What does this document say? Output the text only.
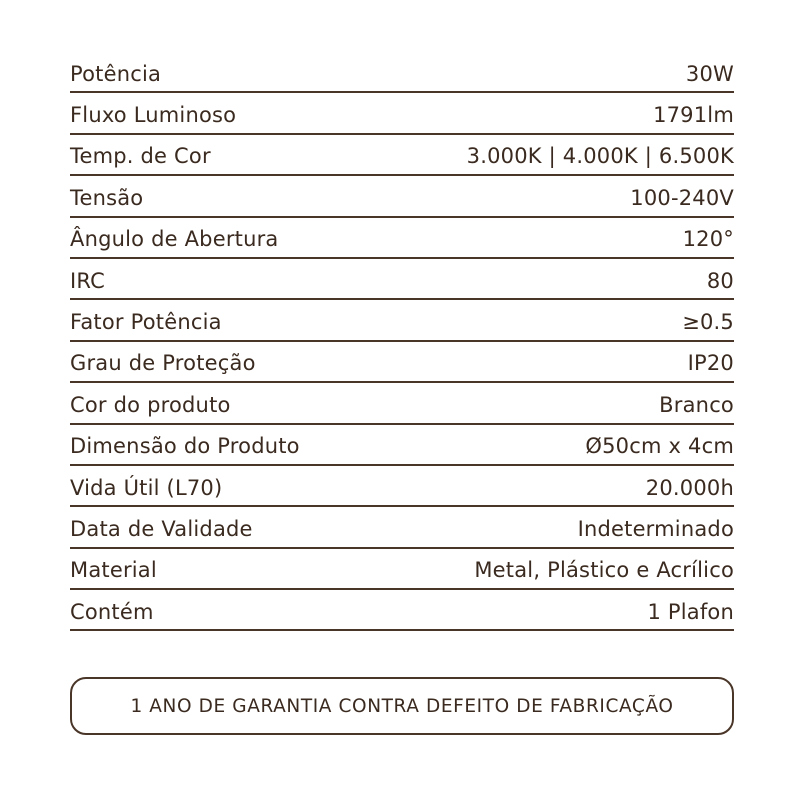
Potência	30W
Fluxo Luminoso	1791lm
Temp. de Cor	3.000K | 4.000K | 6.500K
Tensão	100-240V
Ângulo de Abertura	120°
IRC	80
Fator Potência	≥0.5
Grau de Proteção	IP20
Cor do produto	Branco
Dimensão do Produto	Ø50cm x 4cm
Vida Útil (L70)	20.000h
Data de Validade	Indeterminado
Material	Metal, Plástico e Acrílico
Contém	1 Plafon
1 ANO DE GARANTIA CONTRA DEFEITO DE FABRICAÇÃO
